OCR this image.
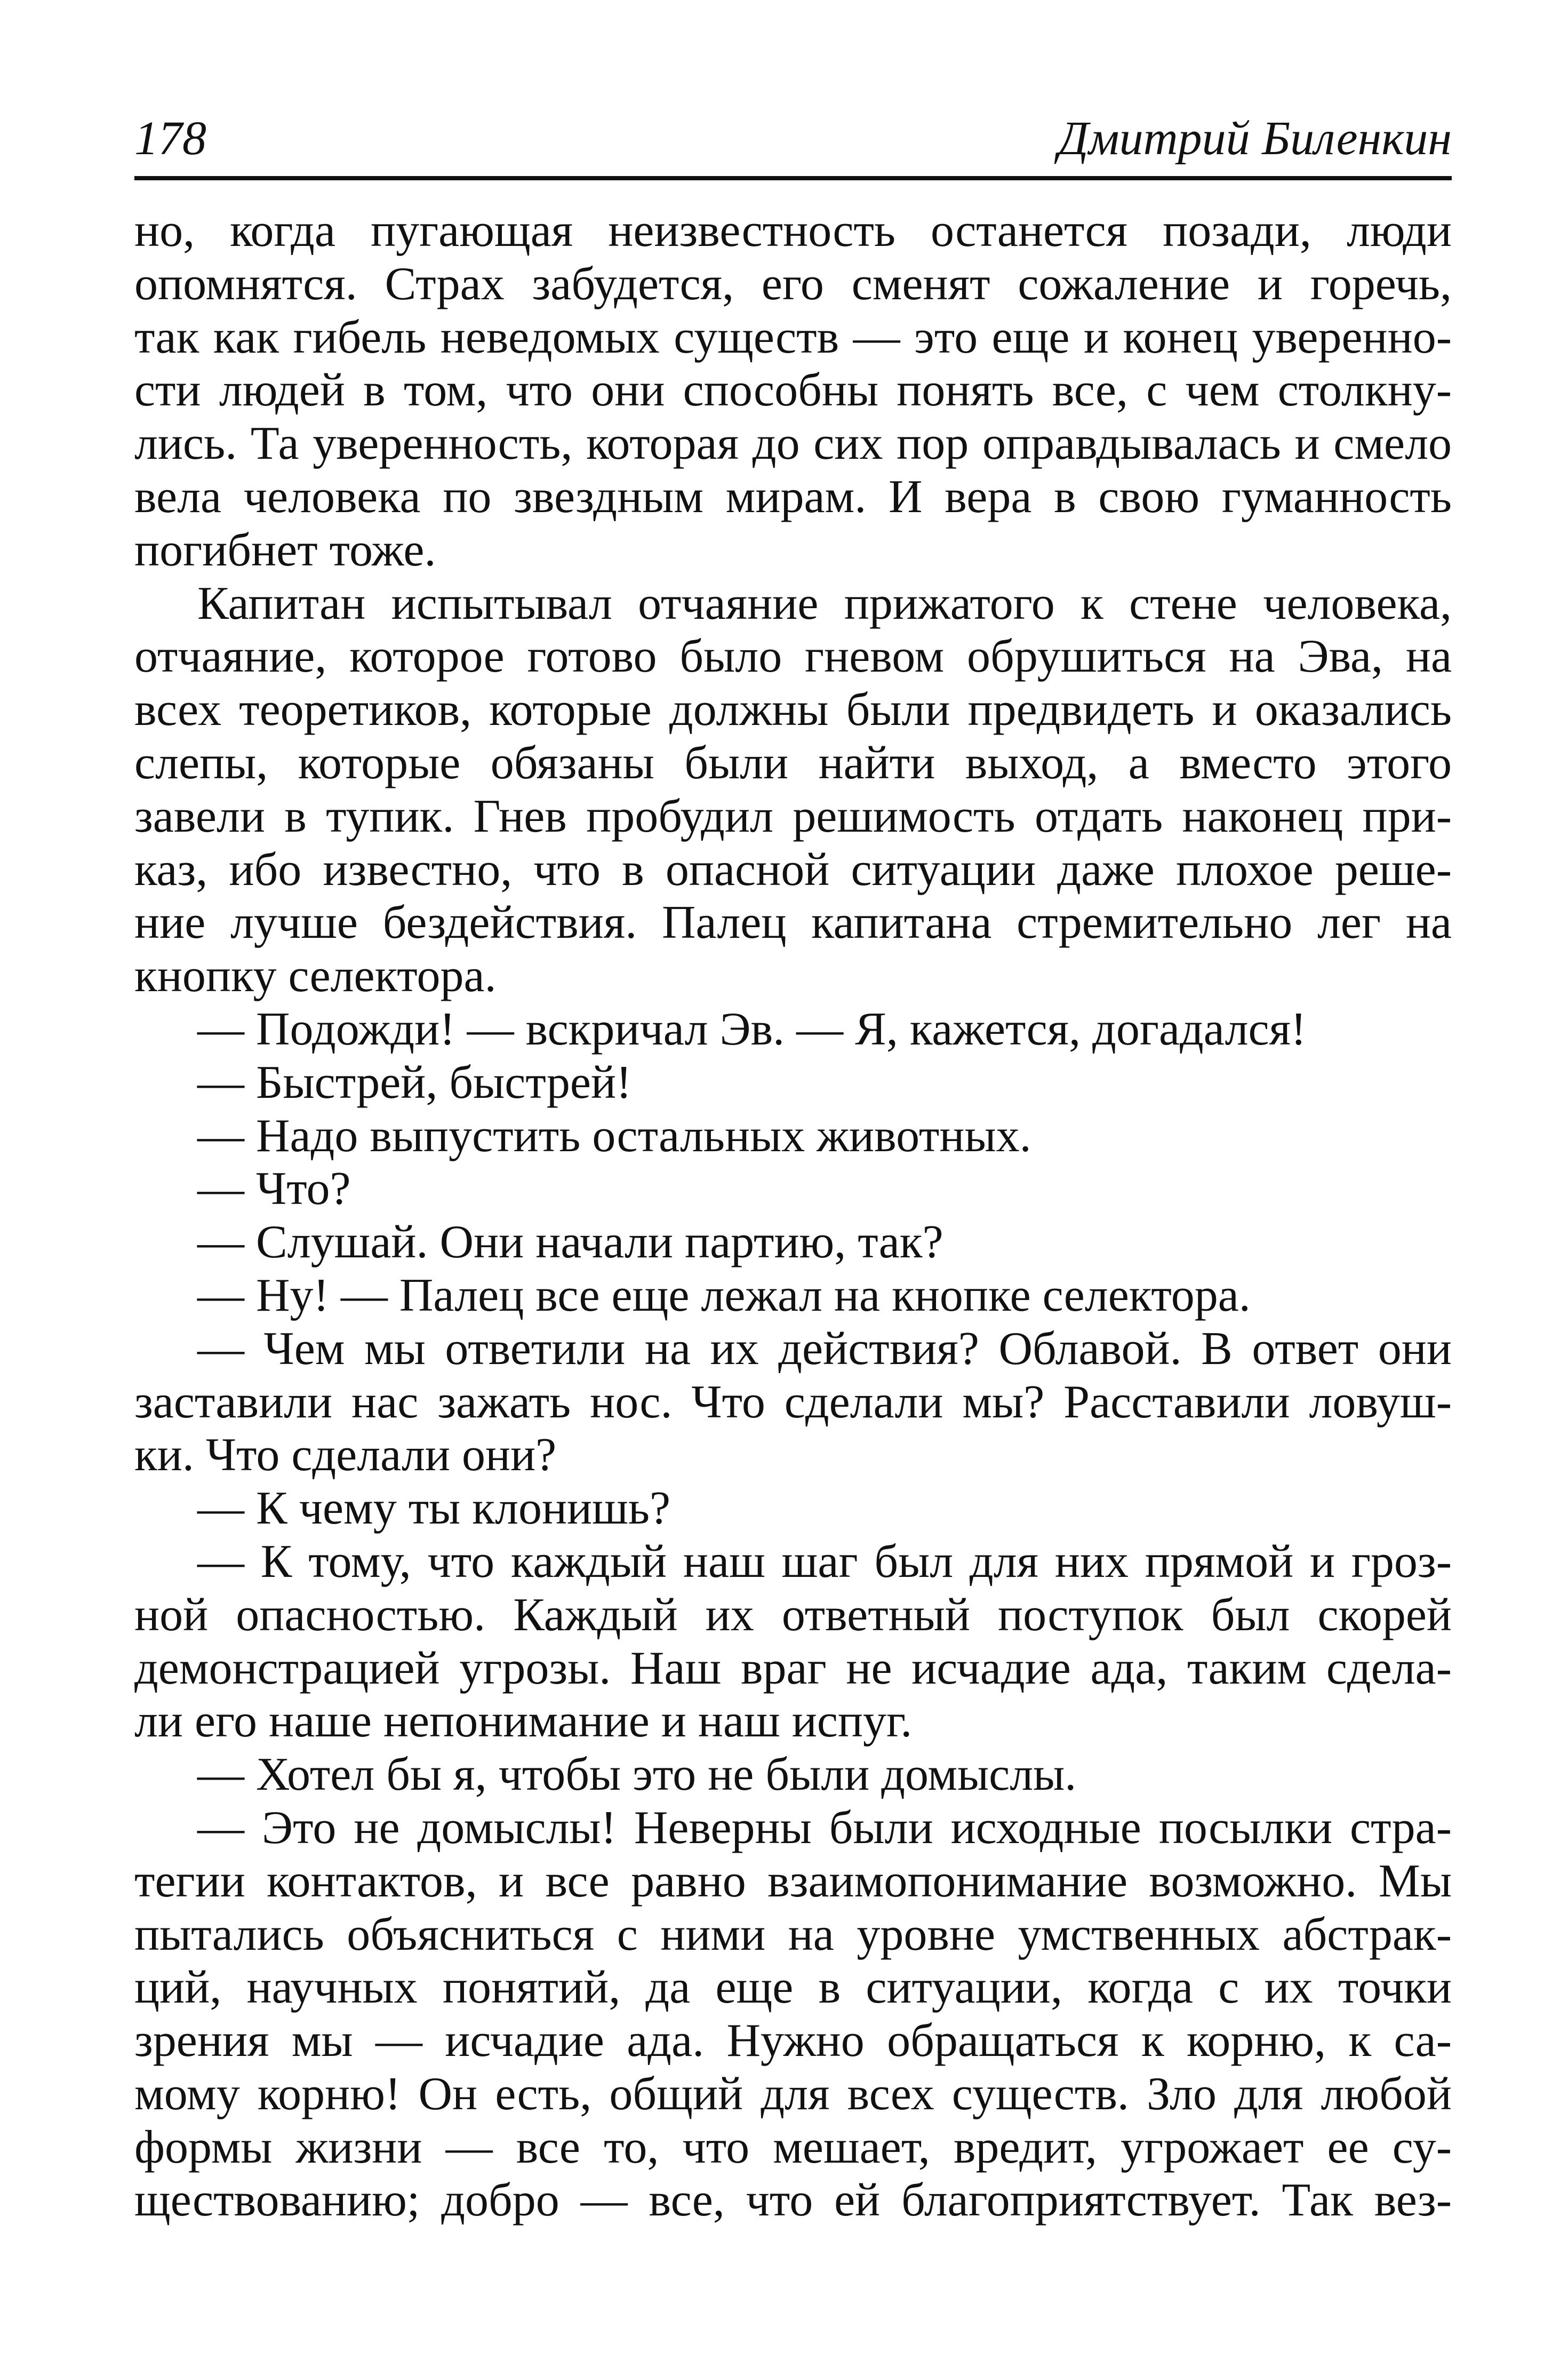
178	Дмитрий Биленкин
но, когда пугающая неизвестность останется позади, люди
опомнятся. Страх забудется, его сменят сожаление и горечь,
так как гибель неведомых существ — это еще и конец уверенно-
сти людей в том, что они способны понять все, с чем столкну-
лись. Та уверенность, которая до сих пор оправдывалась и смело
вела человека по звездным мирам. И вера в свою гуманность
погибнет тоже.
Капитан испытывал отчаяние прижатого к стене человека,
отчаяние, которое готово было гневом обрушиться на Эва, на
всех теоретиков, которые должны были предвидеть и оказались
слепы, которые обязаны были найти выход, а вместо этого
завели в тупик. Гнев пробудил решимость отдать наконец при-
каз, ибо известно, что в опасной ситуации даже плохое реше-
ние лучше бездействия. Палец капитана стремительно лег на
кнопку селектора.
— Подожди! — вскричал Эв. — Я, кажется, догадался!
— Быстрей, быстрей!
— Надо выпустить остальных животных.
— Что?
— Слушай. Они начали партию, так?
— Ну! — Палец все еще лежал на кнопке селектора.
— Чем мы ответили на их действия? Облавой. В ответ они
заставили нас зажать нос. Что сделали мы? Расставили ловуш-
ки. Что сделали они?
— К чему ты клонишь?
— К тому, что каждый наш шаг был для них прямой и гроз-
ной опасностью. Каждый их ответный поступок был скорей
демонстрацией угрозы. Наш враг не исчадие ада, таким сдела-
ли его наше непонимание и наш испуг.
— Хотел бы я, чтобы это не были домыслы.
— Это не домыслы! Неверны были исходные посылки стра-
тегии контактов, и все равно взаимопонимание возможно. Мы
пытались объясниться с ними на уровне умственных абстрак-
ций, научных понятий, да еще в ситуации, когда с их точки
зрения мы — исчадие ада. Нужно обращаться к корню, к са-
мому корню! Он есть, общий для всех существ. Зло для любой
формы жизни — все то, что мешает, вредит, угрожает ее су-
ществованию; добро — все, что ей благоприятствует. Так вез-
